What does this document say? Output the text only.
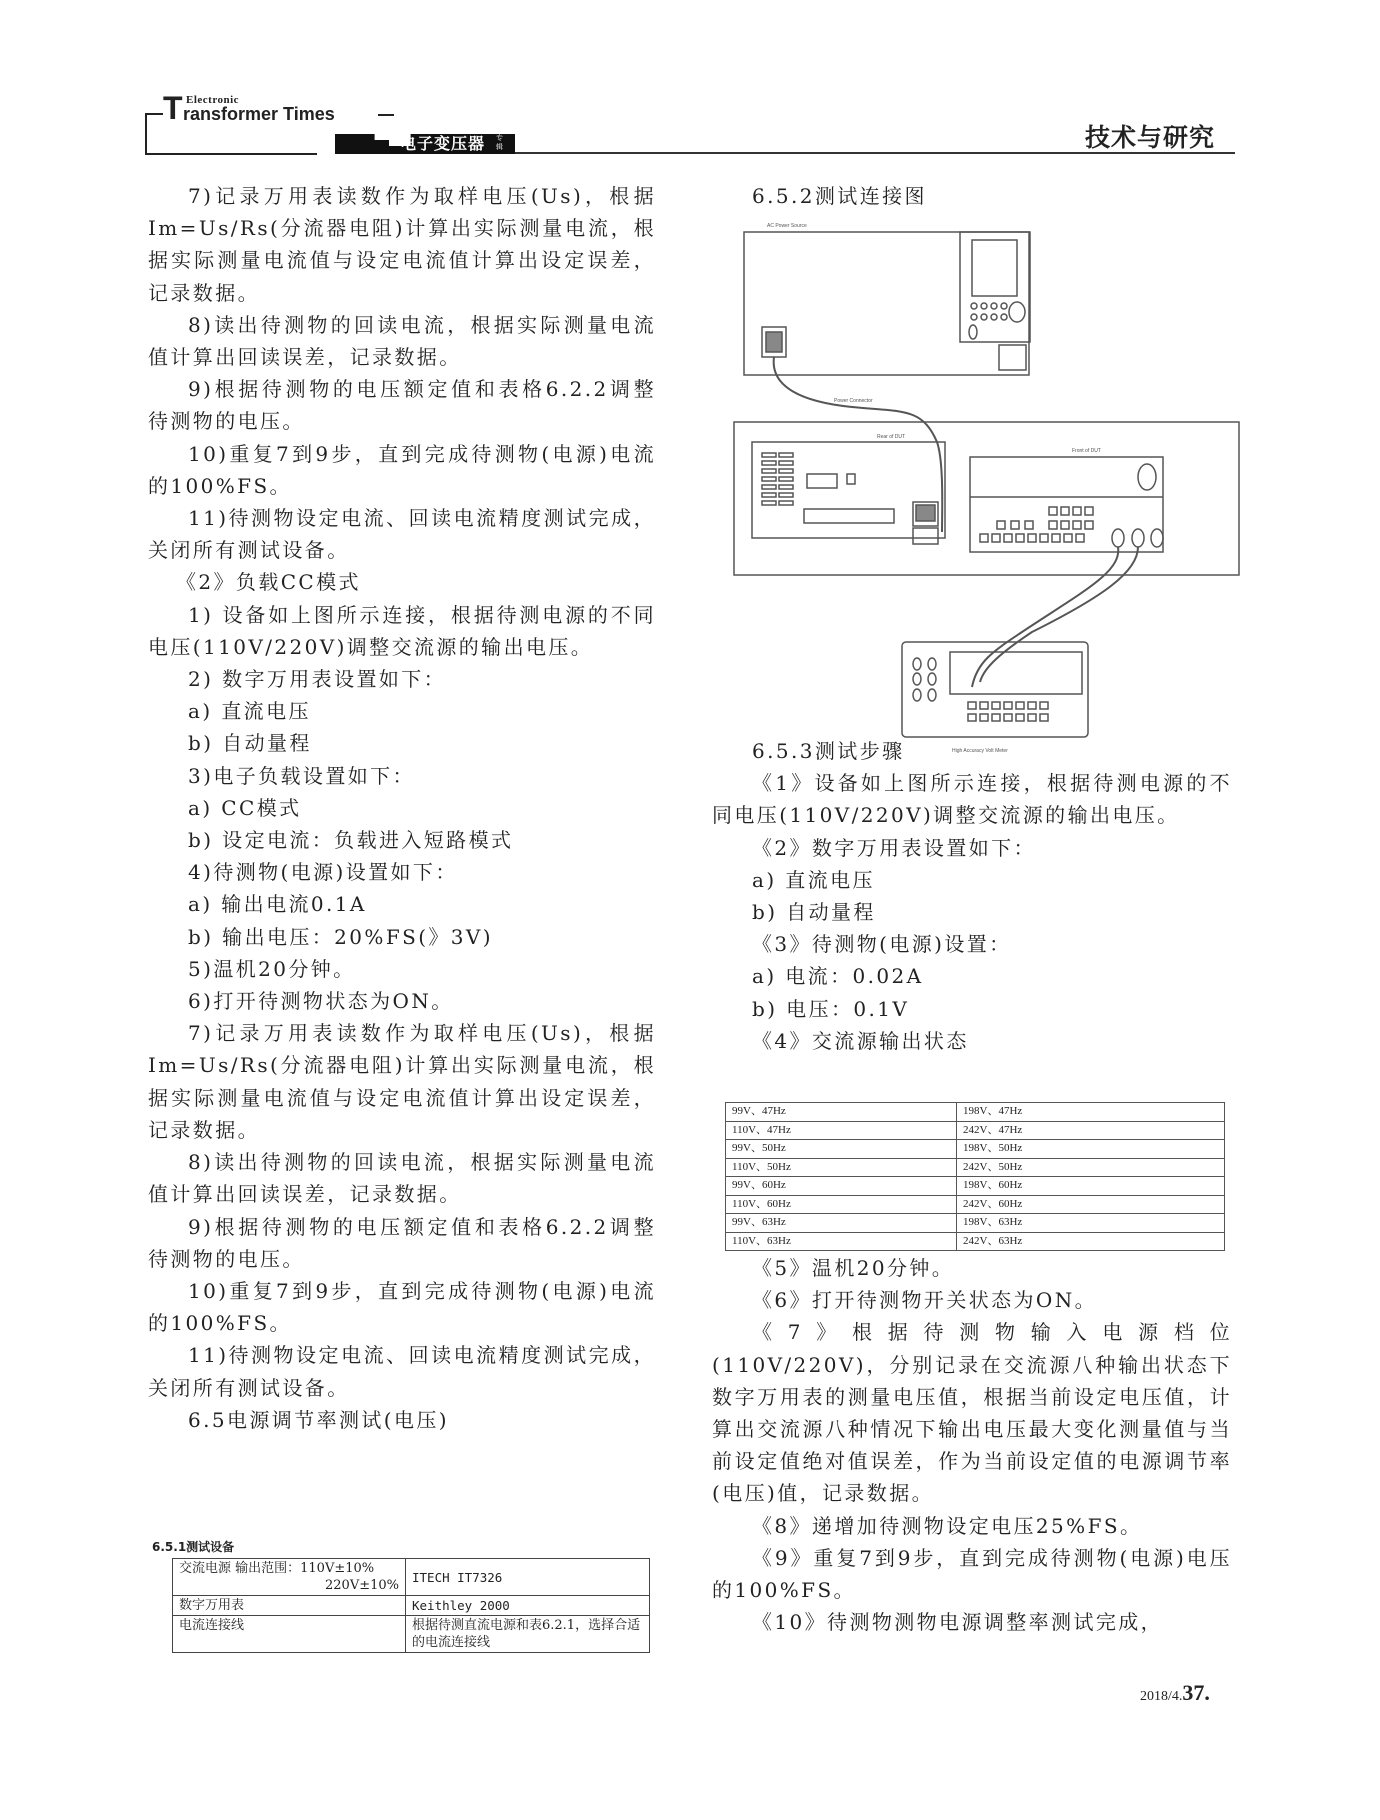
T Electronic
ransformer Times
电子变压器 专辑	技术与研究

7)记录万用表读数作为取样电压(Us)，根据Im=Us/Rs(分流器电阻)计算出实际测量电流，根据实际测量电流值与设定电流值计算出设定误差，记录数据。

8)读出待测物的回读电流，根据实际测量电流值计算出回读误差，记录数据。

9)根据待测物的电压额定值和表格6.2.2调整待测物的电压。

10)重复7到9步，直到完成待测物(电源)电流的100%FS。

11)待测物设定电流、回读电流精度测试完成，关闭所有测试设备。

《2》负载CC模式

1) 设备如上图所示连接，根据待测电源的不同电压(110V/220V)调整交流源的输出电压。

2) 数字万用表设置如下：

a) 直流电压

b) 自动量程

3)电子负载设置如下：

a) CC模式

b) 设定电流：负载进入短路模式

4)待测物(电源)设置如下：

a) 输出电流0.1A

b) 输出电压：20%FS(》3V)

5)温机20分钟。

6)打开待测物状态为ON。

7)记录万用表读数作为取样电压(Us)，根据Im=Us/Rs(分流器电阻)计算出实际测量电流，根据实际测量电流值与设定电流值计算出设定误差，记录数据。

8)读出待测物的回读电流，根据实际测量电流值计算出回读误差，记录数据。

9)根据待测物的电压额定值和表格6.2.2调整待测物的电压。

10)重复7到9步，直到完成待测物(电源)电流的100%FS。

11)待测物设定电流、回读电流精度测试完成，关闭所有测试设备。

6.5电源调节率测试(电压)

6.5.1测试设备
交流电源 输出范围：110V±10%
220V±10%	ITECH IT7326
数字万用表	Keithley 2000
电流连接线	根据待测直流电源和表6.2.1，选择合适的电流连接线

6.5.2测试连接图

AC Power Source
Power Connector
Rear of DUT
Front of DUT
High Accuracy Volt Meter

6.5.3测试步骤

《1》设备如上图所示连接，根据待测电源的不同电压(110V/220V)调整交流源的输出电压。

《2》数字万用表设置如下：

a) 直流电压

b) 自动量程

《3》待测物(电源)设置：

a) 电流：0.02A

b) 电压：0.1V

《4》交流源输出状态

99V、47Hz	198V、47Hz
110V、47Hz	242V、47Hz
99V、50Hz	198V、50Hz
110V、50Hz	242V、50Hz
99V、60Hz	198V、60Hz
110V、60Hz	242V、60Hz
99V、63Hz	198V、63Hz
110V、63Hz	242V、63Hz

《5》温机20分钟。

《6》打开待测物开关状态为ON。

《7》根据待测物输入电源档位(110V/220V)，分别记录在交流源八种输出状态下数字万用表的测量电压值，根据当前设定电压值，计算出交流源八种情况下输出电压最大变化测量值与当前设定值绝对值误差，作为当前设定值的电源调节率(电压)值，记录数据。

《8》递增加待测物设定电压25%FS。

《9》重复7到9步，直到完成待测物(电源)电压的100%FS。

《10》待测物测物电源调整率测试完成，

2018/4.37.
